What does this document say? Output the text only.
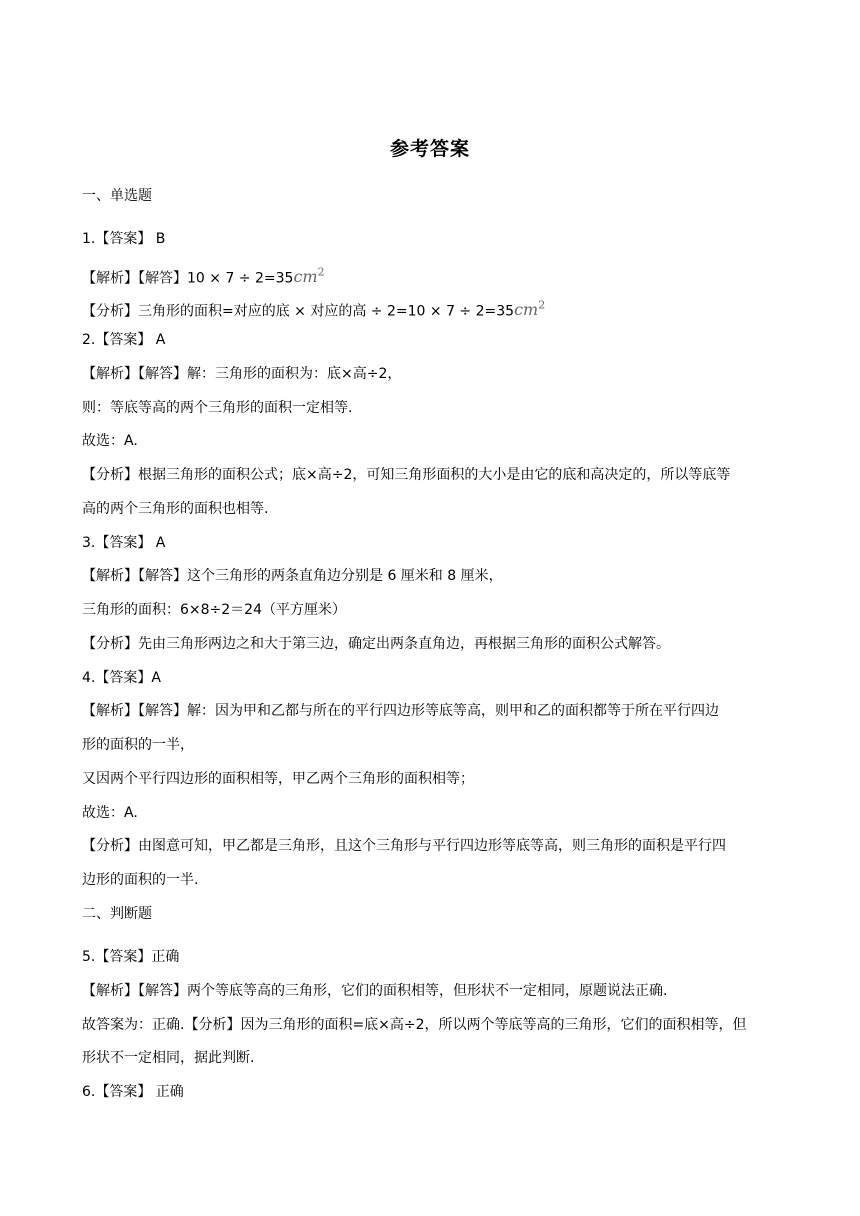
参考答案
一、单选题
1.【答案】 B
【解析】【解答】$10 \times 7 \div 2=35cm^2$
【分析】三角形的面积=对应的底 × 对应的高 ÷ $2=10 \times 7 \div 2=35cm^2$
2.【答案】 A
【解析】【解答】解：三角形的面积为：底×高÷2，
则：等底等高的两个三角形的面积一定相等.
故选：A.
【分析】根据三角形的面积公式；底×高÷2，可知三角形面积的大小是由它的底和高决定的，所以等底等
高的两个三角形的面积也相等.
3.【答案】 A
【解析】【解答】这个三角形的两条直角边分别是 6 厘米和 8 厘米，
三角形的面积：6×8÷2＝24（平方厘米）
【分析】先由三角形两边之和大于第三边，确定出两条直角边，再根据三角形的面积公式解答。
4.【答案】A
【解析】【解答】解：因为甲和乙都与所在的平行四边形等底等高，则甲和乙的面积都等于所在平行四边
形的面积的一半，
又因两个平行四边形的面积相等，甲乙两个三角形的面积相等；
故选：A.
【分析】由图意可知，甲乙都是三角形，且这个三角形与平行四边形等底等高，则三角形的面积是平行四
边形的面积的一半.
二、判断题
5.【答案】正确
【解析】【解答】两个等底等高的三角形，它们的面积相等，但形状不一定相同，原题说法正确.
故答案为：正确.【分析】因为三角形的面积=底×高÷2，所以两个等底等高的三角形，它们的面积相等，但
形状不一定相同，据此判断.
6.【答案】 正确
